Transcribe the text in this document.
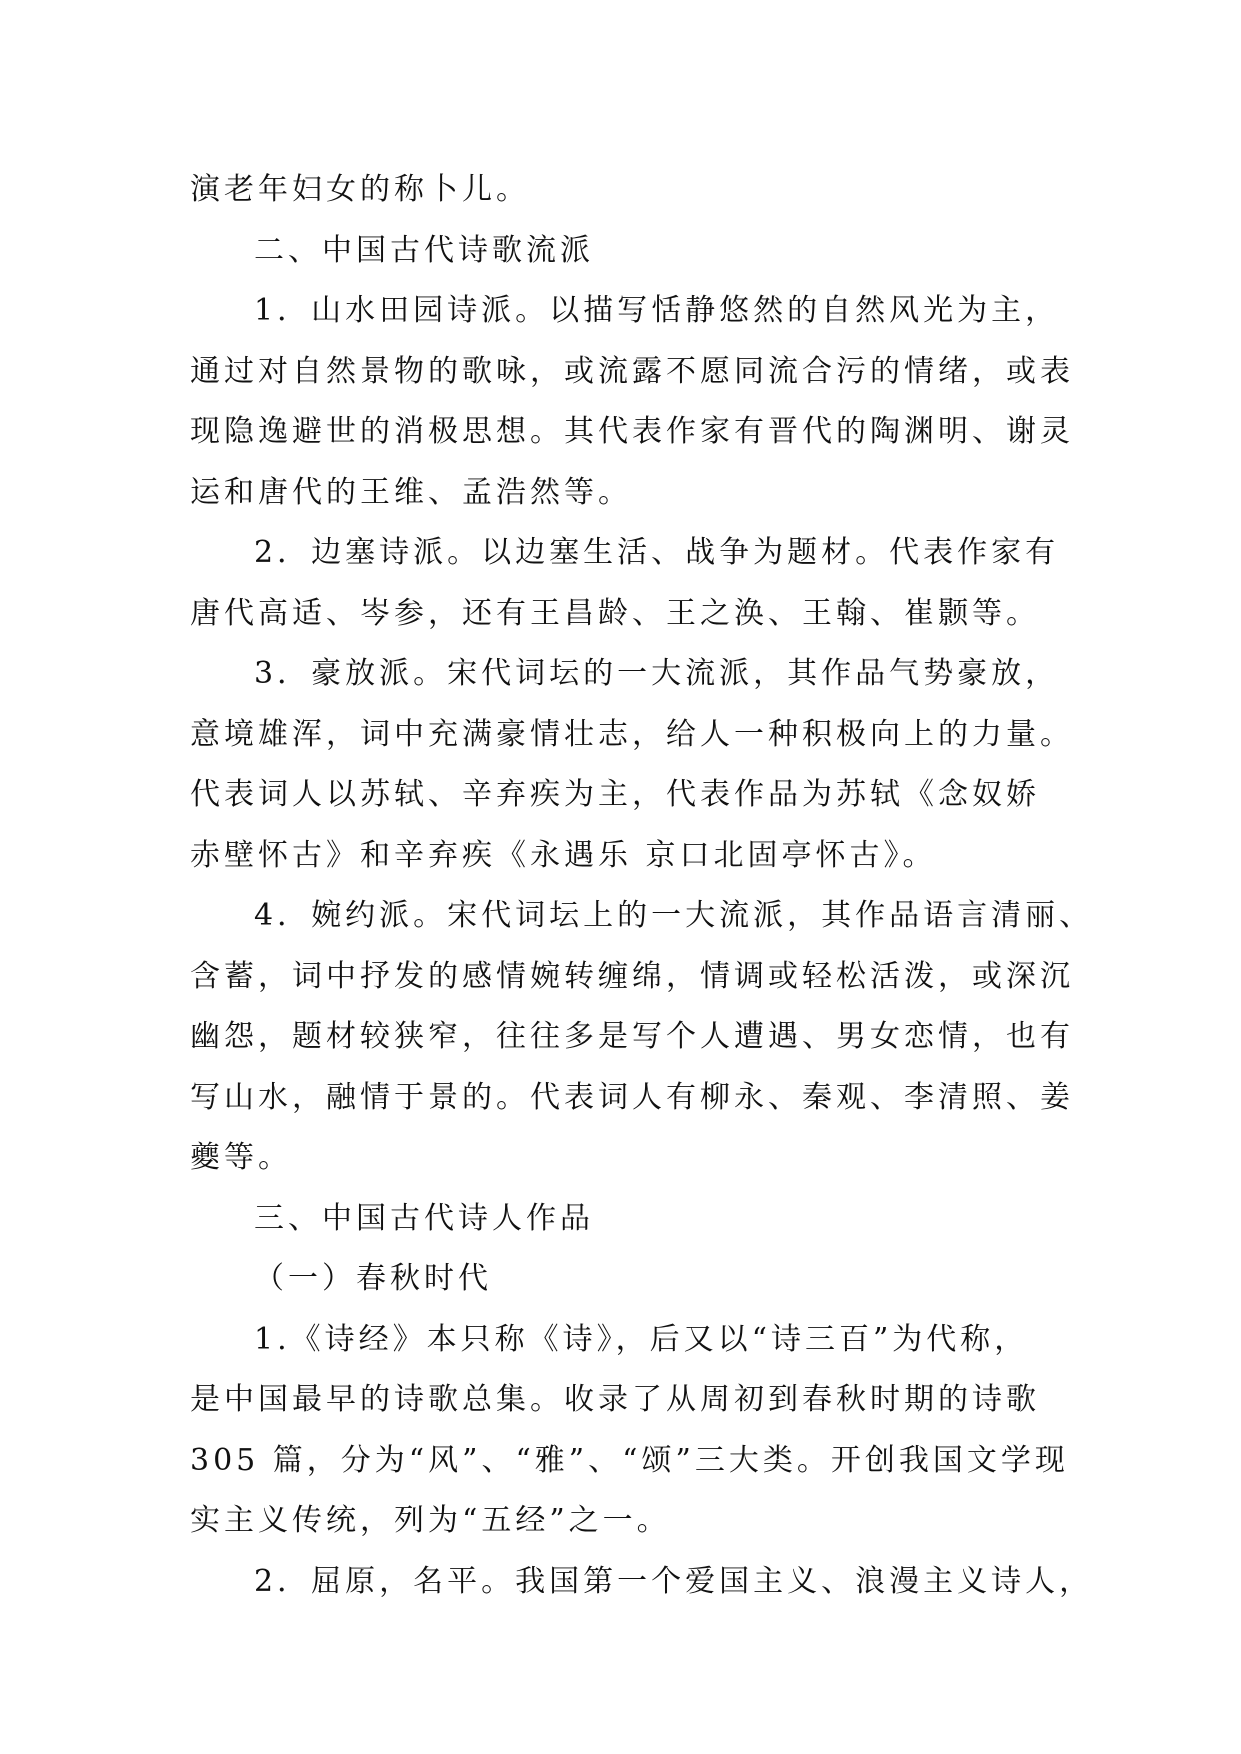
演老年妇女的称卜儿。
二、中国古代诗歌流派
1．山水田园诗派。以描写恬静悠然的自然风光为主，
通过对自然景物的歌咏，或流露不愿同流合污的情绪，或表
现隐逸避世的消极思想。其代表作家有晋代的陶渊明、谢灵
运和唐代的王维、孟浩然等。
2．边塞诗派。以边塞生活、战争为题材。代表作家有
唐代高适、岑参，还有王昌龄、王之涣、王翰、崔颢等。
3．豪放派。宋代词坛的一大流派，其作品气势豪放，
意境雄浑，词中充满豪情壮志，给人一种积极向上的力量。
代表词人以苏轼、辛弃疾为主，代表作品为苏轼《念奴娇
赤壁怀古》和辛弃疾《永遇乐 京口北固亭怀古》。
4．婉约派。宋代词坛上的一大流派，其作品语言清丽、
含蓄，词中抒发的感情婉转缠绵，情调或轻松活泼，或深沉
幽怨，题材较狭窄，往往多是写个人遭遇、男女恋情，也有
写山水，融情于景的。代表词人有柳永、秦观、李清照、姜
夔等。
三、中国古代诗人作品
（一）春秋时代
1.《诗经》本只称《诗》，后又以“诗三百”为代称，
是中国最早的诗歌总集。收录了从周初到春秋时期的诗歌
305 篇，分为“风”、“雅”、“颂”三大类。开创我国文学现
实主义传统，列为“五经”之一。
2．屈原，名平。我国第一个爱国主义、浪漫主义诗人，
